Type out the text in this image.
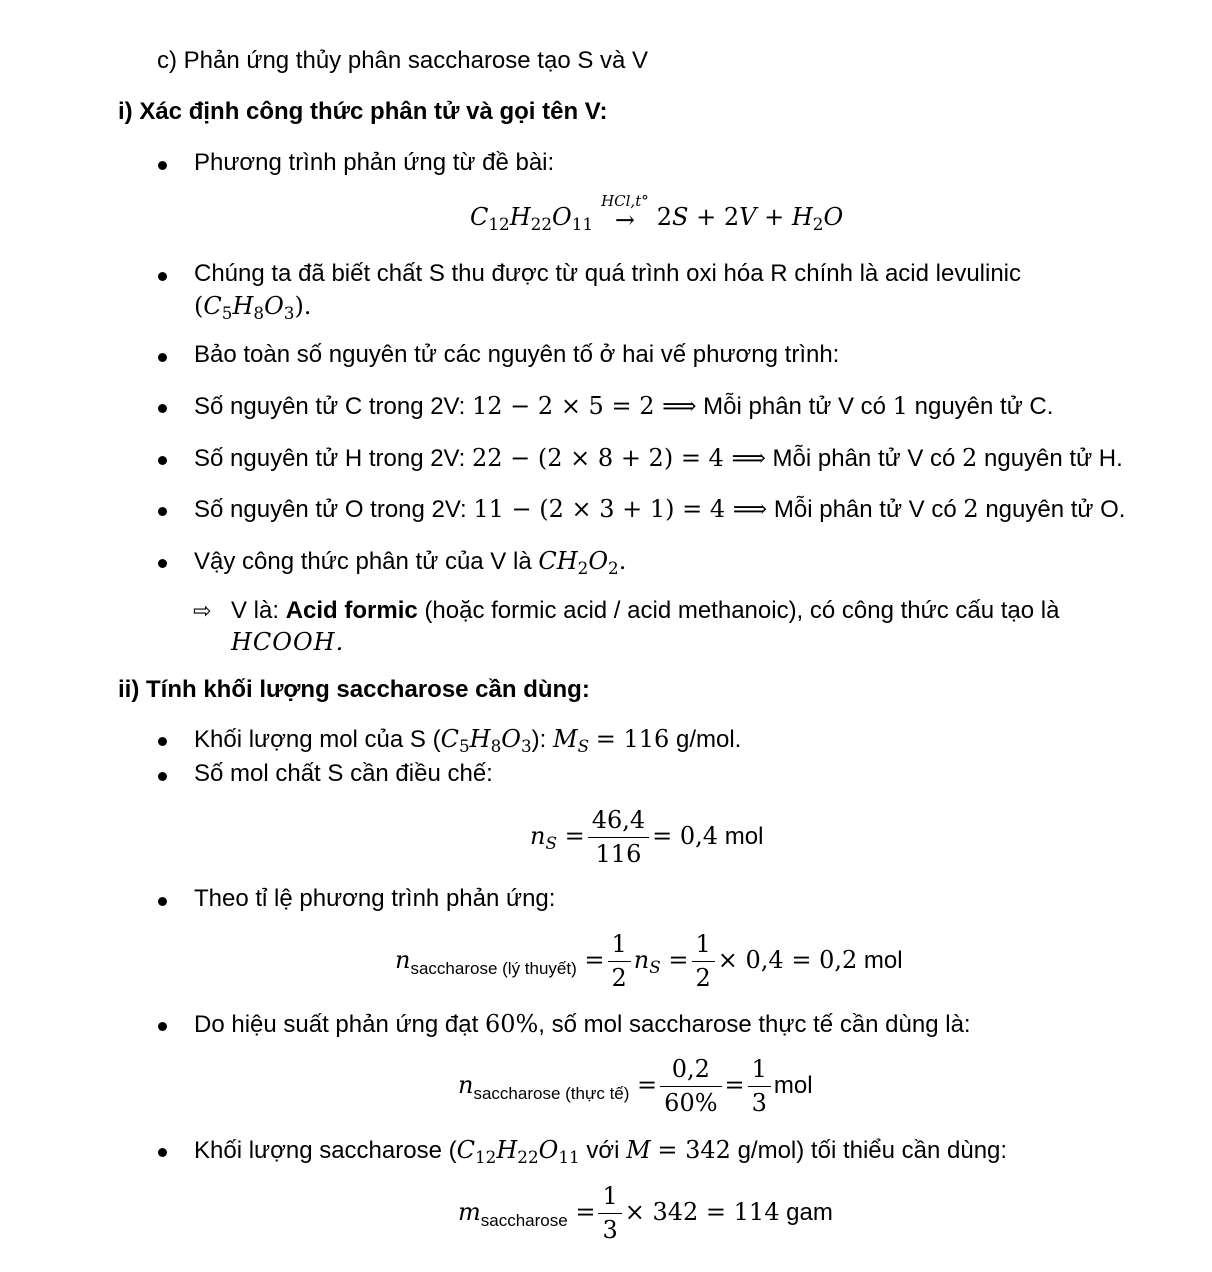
c) Phản ứng thủy phân saccharose tạo S và V
i) Xác định công thức phân tử và gọi tên V:
Phương trình phản ứng từ đề bài:
$C_{12}H_{22}O_{11}$
HCl,t°
→ $2S + 2V + H_2O$
Chúng ta đã biết chất S thu được từ quá trình oxi hóa R chính là acid levulinic
$(C_5H_8O_3)$.
Bảo toàn số nguyên tử các nguyên tố ở hai vế phương trình:
Số nguyên tử C trong 2V: 12 − 2 × 5 = 2 ⟹ Mỗi phân tử V có 1 nguyên tử C.
Số nguyên tử H trong 2V: 22 − (2 × 8 + 2) = 4 ⟹ Mỗi phân tử V có 2 nguyên tử H.
Số nguyên tử O trong 2V: 11 − (2 × 3 + 1) = 4 ⟹ Mỗi phân tử V có 2 nguyên tử O.
Vậy công thức phân tử của V là $CH_2O_2$.
⇨ V là: Acid formic (hoặc formic acid / acid methanoic), có công thức cấu tạo là
HCOOH.
ii) Tính khối lượng saccharose cần dùng:
Khối lượng mol của S $(C_5H_8O_3)$: $M_S = 116$ g/mol.
Số mol chất S cần điều chế:
$n_S = \frac{46,4}{116} = 0,4$ mol
Theo tỉ lệ phương trình phản ứng:
$n_{saccharose (lý thuyết)} = \frac{1}{2} n_S = \frac{1}{2} \times 0,4 = 0,2$ mol
Do hiệu suất phản ứng đạt 60%, số mol saccharose thực tế cần dùng là:
$n_{saccharose (thực tế)} = \frac{0,2}{60\%} = \frac{1}{3}$ mol
Khối lượng saccharose ($C_{12}H_{22}O_{11}$ với M = 342 g/mol) tối thiểu cần dùng:
$m_{saccharose} = \frac{1}{3} \times 342 = 114$ gam
